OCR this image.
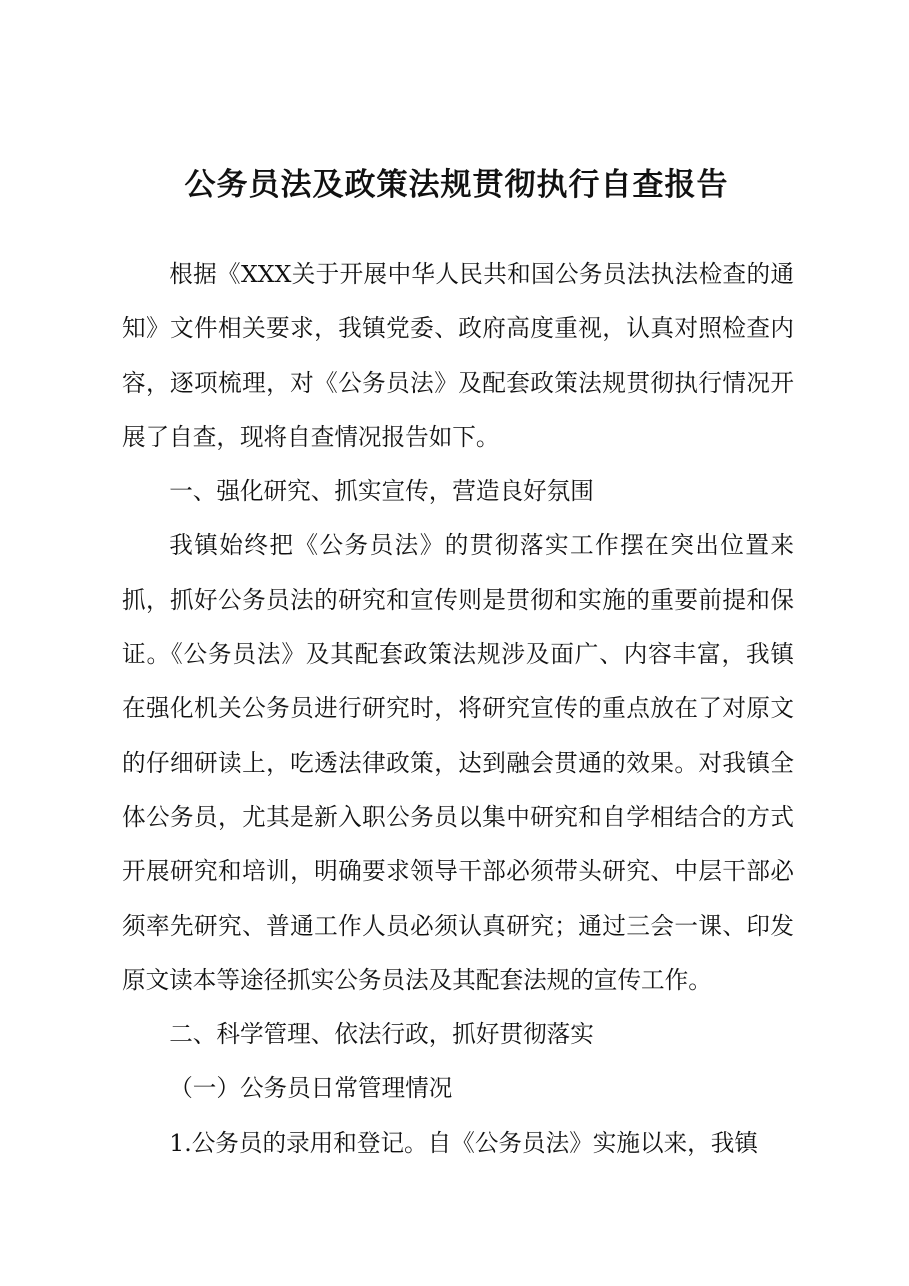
公务员法及政策法规贯彻执行自查报告

根据《XXX关于开展中华人民共和国公务员法执法检查的通知》文件相关要求，我镇党委、政府高度重视，认真对照检查内容，逐项梳理，对《公务员法》及配套政策法规贯彻执行情况开展了自查，现将自查情况报告如下。

一、强化研究、抓实宣传，营造良好氛围

我镇始终把《公务员法》的贯彻落实工作摆在突出位置来抓，抓好公务员法的研究和宣传则是贯彻和实施的重要前提和保证。《公务员法》及其配套政策法规涉及面广、内容丰富，我镇在强化机关公务员进行研究时，将研究宣传的重点放在了对原文的仔细研读上，吃透法律政策，达到融会贯通的效果。对我镇全体公务员，尤其是新入职公务员以集中研究和自学相结合的方式开展研究和培训，明确要求领导干部必须带头研究、中层干部必须率先研究、普通工作人员必须认真研究；通过三会一课、印发原文读本等途径抓实公务员法及其配套法规的宣传工作。

二、科学管理、依法行政，抓好贯彻落实

（一）公务员日常管理情况

1.公务员的录用和登记。自《公务员法》实施以来，我镇
